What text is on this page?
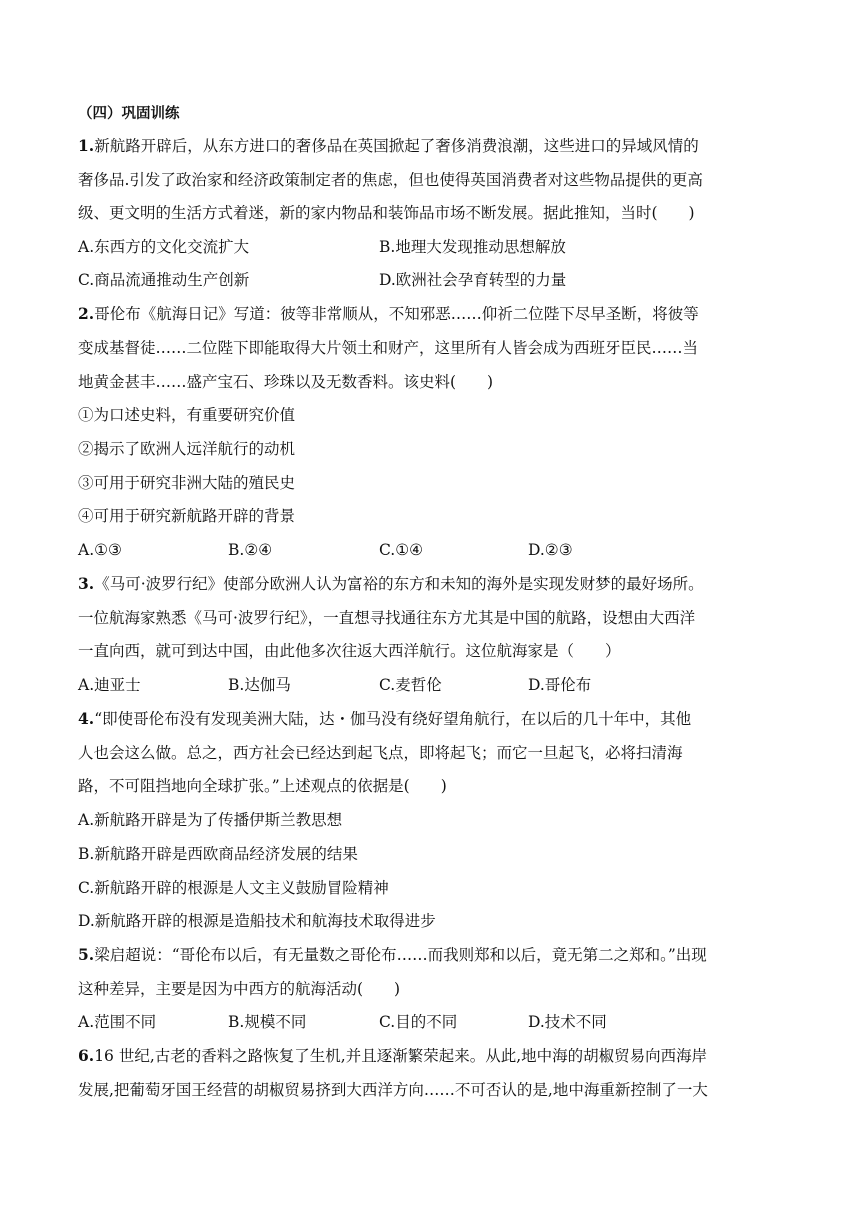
（四）巩固训练
1.新航路开辟后，从东方进口的奢侈品在英国掀起了奢侈消费浪潮，这些进口的异域风情的
奢侈品.引发了政治家和经济政策制定者的焦虑，但也使得英国消费者对这些物品提供的更高
级、更文明的生活方式着迷，新的家内物品和装饰品市场不断发展。据此推知，当时(　　)
A.东西方的文化交流扩大	B.地理大发现推动思想解放
C.商品流通推动生产创新	D.欧洲社会孕育转型的力量
2.哥伦布《航海日记》写道：彼等非常顺从，不知邪恶……仰祈二位陛下尽早圣断，将彼等
变成基督徒……二位陛下即能取得大片领土和财产，这里所有人皆会成为西班牙臣民……当
地黄金甚丰……盛产宝石、珍珠以及无数香料。该史料(　　)
①为口述史料，有重要研究价值
②揭示了欧洲人远洋航行的动机
③可用于研究非洲大陆的殖民史
④可用于研究新航路开辟的背景
A.①③	B.②④	C.①④	D.②③
3.《马可·波罗行纪》使部分欧洲人认为富裕的东方和未知的海外是实现发财梦的最好场所。
一位航海家熟悉《马可·波罗行纪》，一直想寻找通往东方尤其是中国的航路，设想由大西洋
一直向西，就可到达中国，由此他多次往返大西洋航行。这位航海家是（　　）
A.迪亚士	B.达伽马	C.麦哲伦	D.哥伦布
4.“即使哥伦布没有发现美洲大陆，达・伽马没有绕好望角航行，在以后的几十年中，其他
人也会这么做。总之，西方社会已经达到起飞点，即将起飞；而它一旦起飞，必将扫清海
路，不可阻挡地向全球扩张。”上述观点的依据是(　　)
A.新航路开辟是为了传播伊斯兰教思想
B.新航路开辟是西欧商品经济发展的结果
C.新航路开辟的根源是人文主义鼓励冒险精神
D.新航路开辟的根源是造船技术和航海技术取得进步
5.梁启超说：“哥伦布以后，有无量数之哥伦布……而我则郑和以后，竟无第二之郑和。”出现
这种差异，主要是因为中西方的航海活动(　　)
A.范围不同	B.规模不同	C.目的不同	D.技术不同
6.16 世纪,古老的香料之路恢复了生机,并且逐渐繁荣起来。从此,地中海的胡椒贸易向西海岸
发展,把葡萄牙国王经营的胡椒贸易挤到大西洋方向……不可否认的是,地中海重新控制了一大
